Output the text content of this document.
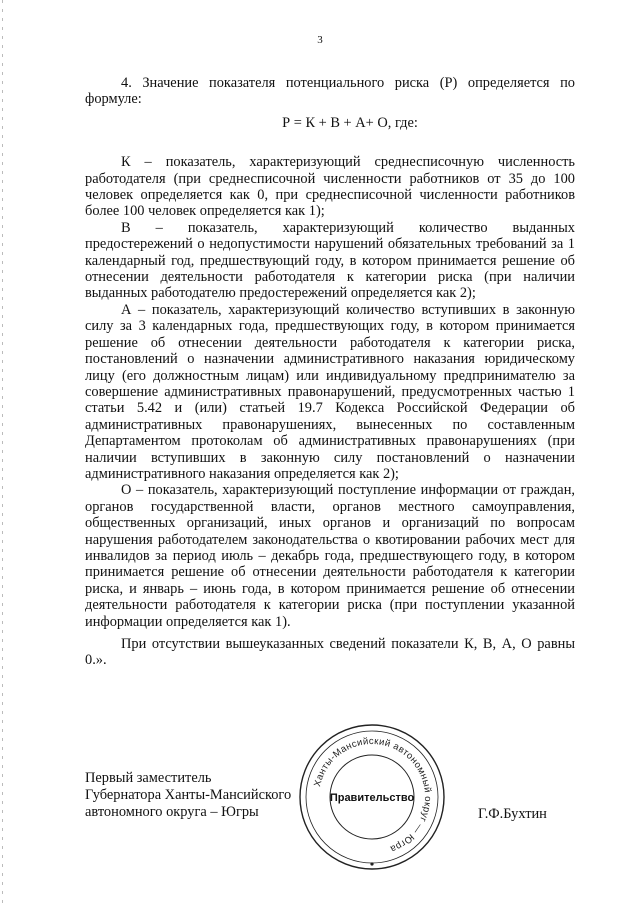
3

4. Значение показателя потенциального риска (Р) определяется по формуле:

Р = К + В + А+ О, где:

К – показатель, характеризующий среднесписочную численность работодателя (при среднесписочной численности работников от 35 до 100 человек определяется как 0, при среднесписочной численности работников более 100 человек определяется как 1);

В – показатель, характеризующий количество выданных предостережений о недопустимости нарушений обязательных требований за 1 календарный год, предшествующий году, в котором принимается решение об отнесении деятельности работодателя к категории риска (при наличии выданных работодателю предостережений определяется как 2);

А – показатель, характеризующий количество вступивших в законную силу за 3 календарных года, предшествующих году, в котором принимается решение об отнесении деятельности работодателя к категории риска, постановлений о назначении административного наказания юридическому лицу (его должностным лицам) или индивидуальному предпринимателю за совершение административных правонарушений, предусмотренных частью 1 статьи 5.42 и (или) статьей 19.7 Кодекса Российской Федерации об административных правонарушениях, вынесенных по составленным Департаментом протоколам об административных правонарушениях (при наличии вступивших в законную силу постановлений о назначении административного наказания определяется как 2);

О – показатель, характеризующий поступление информации от граждан, органов государственной власти, органов местного самоуправления, общественных организаций, иных органов и организаций по вопросам нарушения работодателем законодательства о квотировании рабочих мест для инвалидов за период июль – декабрь года, предшествующего году, в котором принимается решение об отнесении деятельности работодателя к категории риска, и январь – июнь года, в котором принимается решение об отнесении деятельности работодателя к категории риска (при поступлении указанной информации определяется как 1).

При отсутствии вышеуказанных сведений показатели К, В, А, О равны 0.».

Первый заместитель
Губернатора Ханты-Мансийского
автономного округа – Югры	Г.Ф.Бухтин
Ханты-Мансийский автономный округ — Югра
Правительство
